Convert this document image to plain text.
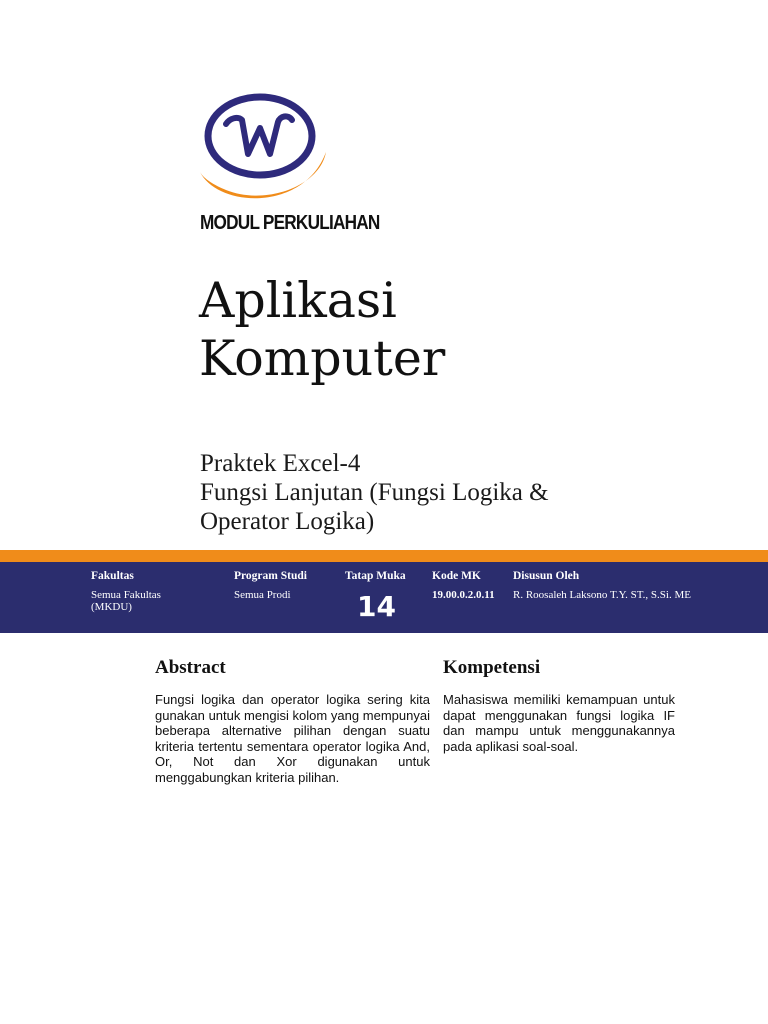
MODUL PERKULIAHAN
Aplikasi
Komputer
Praktek Excel-4
Fungsi Lanjutan (Fungsi Logika &
Operator Logika)
Fakultas
Semua Fakultas
(MKDU)
Program Studi
Semua Prodi
Tatap Muka
14
Kode MK
19.00.0.2.0.11
Disusun Oleh
R. Roosaleh Laksono T.Y. ST., S.Si. ME
Abstract

Fungsi logika dan operator logika sering kita gunakan untuk mengisi kolom yang mempunyai beberapa alternative pilihan dengan suatu kriteria tertentu sementara operator logika And, Or, Not dan Xor digunakan untuk menggabungkan kriteria pilihan.

Kompetensi

Mahasiswa memiliki kemampuan untuk dapat menggunakan fungsi logika IF dan mampu untuk menggunakannya pada aplikasi soal-soal.
